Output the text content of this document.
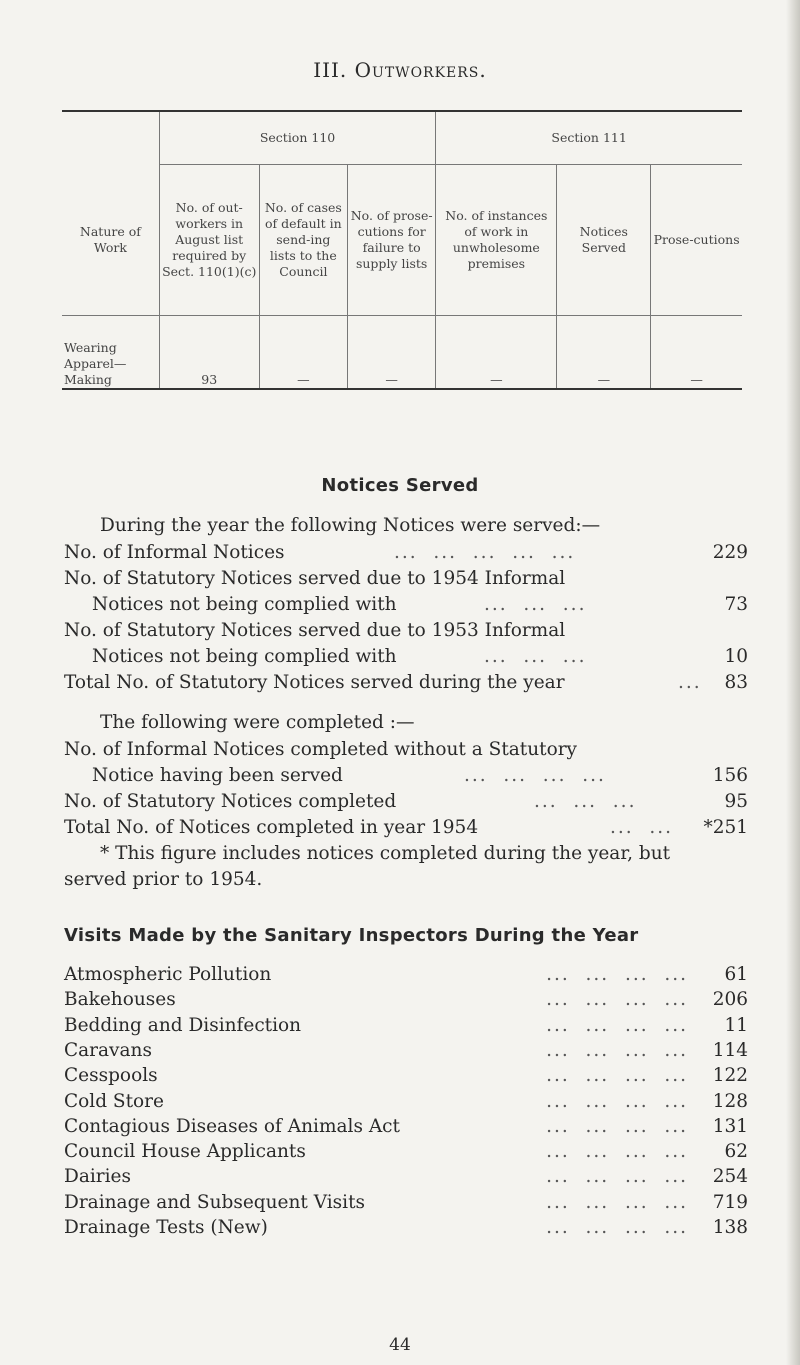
III. Outworkers.
	Section 110			Section 111		
Nature of Work	No. of out-workers in August list required by Sect. 110(1)(c)	No. of cases of default in send-ing lists to the Council	No. of prose-cutions for failure to supply lists	No. of instances of work in unwholesome premises	Notices Served	Prose-cutions
Wearing Apparel— Making	93	—	—	—	—	—
Notices Served
During the year the following Notices were served:—
No. of Informal Notices	...  ...  ...  ...  ...	229
No. of Statutory Notices served due to 1954 Informal
Notices not being complied with	...  ...  ...	73
No. of Statutory Notices served due to 1953 Informal
Notices not being complied with	...  ...  ...	10
Total No. of Statutory Notices served during the year	... 83
The following were completed :—
No. of Informal Notices completed without a Statutory
Notice having been served	...  ...  ...  ...	156
No. of Statutory Notices completed	...  ...  ...	95
Total No. of Notices completed in year 1954	...  ... *251
* This figure includes notices completed during the year, but
served prior to 1954.
Visits Made by the Sanitary Inspectors During the Year
Atmospheric Pollution	...  ...  ...  ... 61
Bakehouses	...  ...  ...  ... 206
Bedding and Disinfection	...  ...  ...  ... 11
Caravans	...  ...  ...  ... 114
Cesspools	...  ...  ...  ... 122
Cold Store	...  ...  ...  ... 128
Contagious Diseases of Animals Act	...  ...  ...  ... 131
Council House Applicants	...  ...  ...  ... 62
Dairies	...  ...  ...  ... 254
Drainage and Subsequent Visits	...  ...  ...  ... 719
Drainage Tests (New)	...  ...  ...  ... 138
44
